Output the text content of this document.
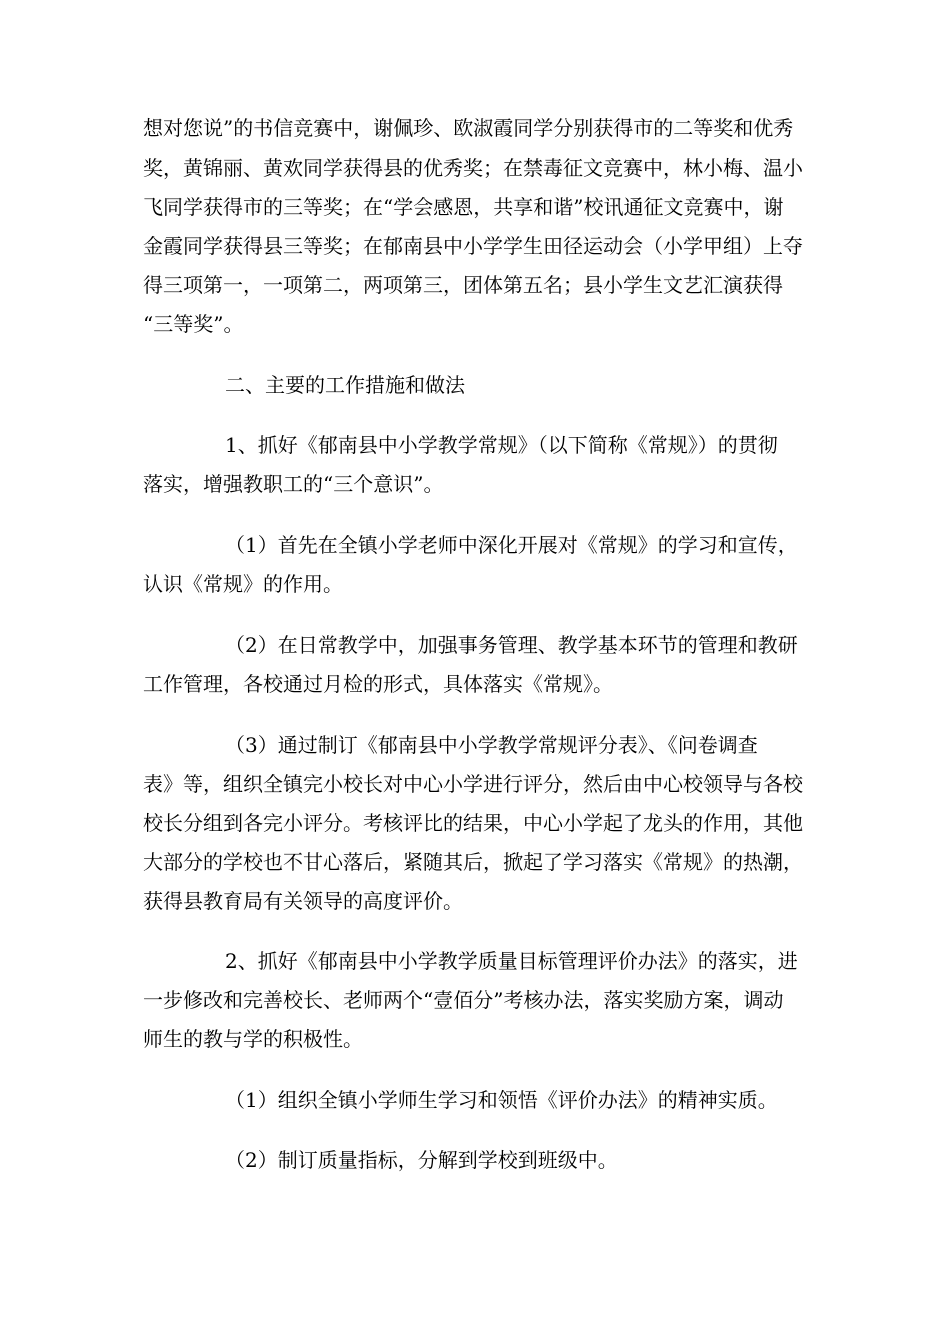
想对您说”的书信竞赛中，谢佩珍、欧淑霞同学分别获得市的二等奖和优秀
奖，黄锦丽、黄欢同学获得县的优秀奖；在禁毒征文竞赛中，林小梅、温小
飞同学获得市的三等奖；在“学会感恩，共享和谐”校讯通征文竞赛中，谢
金霞同学获得县三等奖；在郁南县中小学学生田径运动会（小学甲组）上夺
得三项第一，一项第二，两项第三，团体第五名；县小学生文艺汇演获得
“三等奖”。
二、主要的工作措施和做法
1、抓好《郁南县中小学教学常规》（以下简称《常规》）的贯彻
落实，增强教职工的“三个意识”。
（1）首先在全镇小学老师中深化开展对《常规》的学习和宣传，
认识《常规》的作用。
（2）在日常教学中，加强事务管理、教学基本环节的管理和教研
工作管理，各校通过月检的形式，具体落实《常规》。
（3）通过制订《郁南县中小学教学常规评分表》、《问卷调查
表》等，组织全镇完小校长对中心小学进行评分，然后由中心校领导与各校
校长分组到各完小评分。考核评比的结果，中心小学起了龙头的作用，其他
大部分的学校也不甘心落后，紧随其后，掀起了学习落实《常规》的热潮，
获得县教育局有关领导的高度评价。
2、抓好《郁南县中小学教学质量目标管理评价办法》的落实，进
一步修改和完善校长、老师两个“壹佰分”考核办法，落实奖励方案，调动
师生的教与学的积极性。
（1）组织全镇小学师生学习和领悟《评价办法》的精神实质。
（2）制订质量指标，分解到学校到班级中。
